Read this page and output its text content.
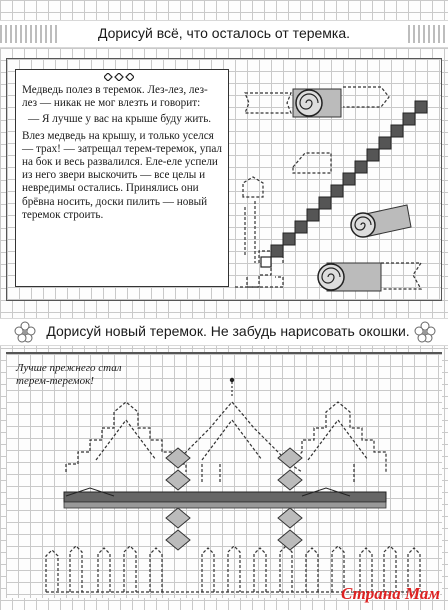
Дорисуй всё, что осталось от теремка.

Медведь полез в теремок. Лез-лез, лез-лез — никак не мог влезть и говорит:

— Я лучше у вас на крыше буду жить.

Влез медведь на крышу, и только уселся — трах! — затрещал терем-теремок, упал на бок и весь развалился. Еле-еле успели из него звери выскочить — все целы и невредимы остались. Принялись они брёвна носить, доски пилить — новый теремок строить.

Дорисуй новый теремок. Не забудь нарисовать окошки.
Лучше прежнего стал терем-теремок!
Страна Мам
